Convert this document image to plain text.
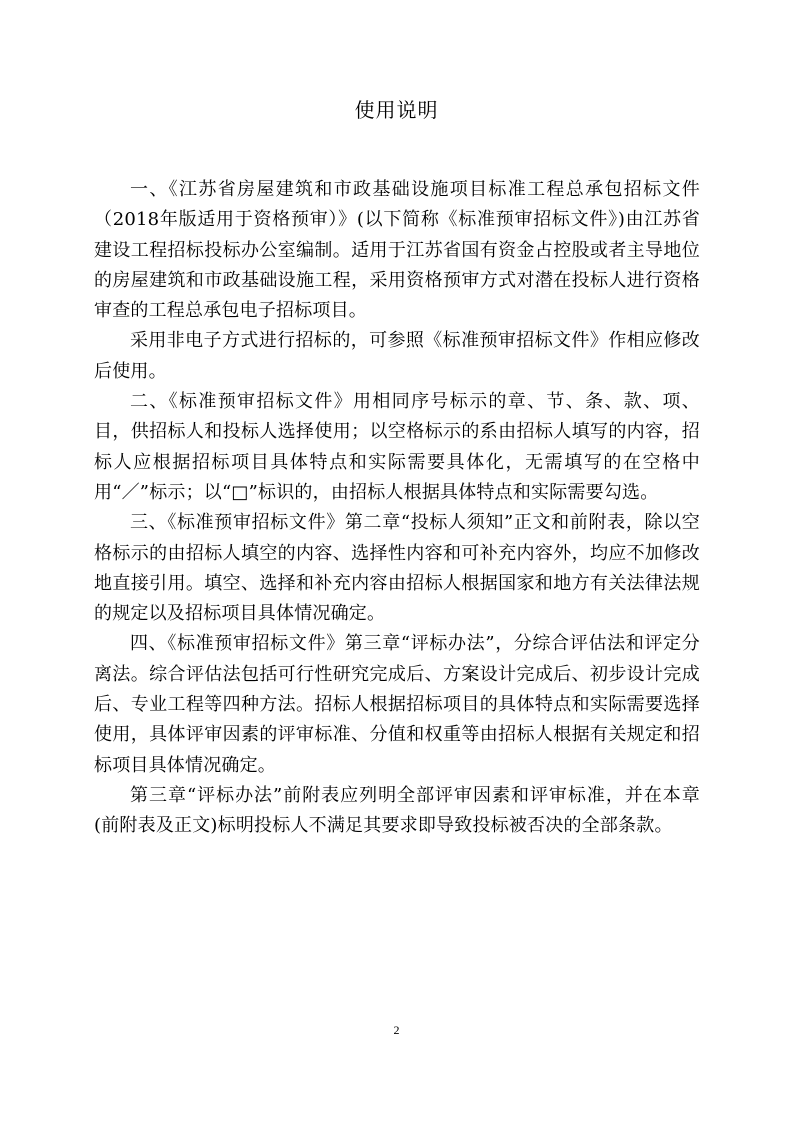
使用说明

一、《江苏省房屋建筑和市政基础设施项目标准工程总承包招标文件（2018年版适用于资格预审）》(以下简称《标准预审招标文件》)由江苏省建设工程招标投标办公室编制。适用于江苏省国有资金占控股或者主导地位的房屋建筑和市政基础设施工程，采用资格预审方式对潜在投标人进行资格审查的工程总承包电子招标项目。

采用非电子方式进行招标的，可参照《标准预审招标文件》作相应修改后使用。

二、《标准预审招标文件》用相同序号标示的章、节、条、款、项、目，供招标人和投标人选择使用；以空格标示的系由招标人填写的内容，招标人应根据招标项目具体特点和实际需要具体化，无需填写的在空格中用“／”标示；以“□”标识的，由招标人根据具体特点和实际需要勾选。

三、《标准预审招标文件》第二章“投标人须知”正文和前附表，除以空格标示的由招标人填空的内容、选择性内容和可补充内容外，均应不加修改地直接引用。填空、选择和补充内容由招标人根据国家和地方有关法律法规的规定以及招标项目具体情况确定。

四、《标准预审招标文件》第三章“评标办法”，分综合评估法和评定分离法。综合评估法包括可行性研究完成后、方案设计完成后、初步设计完成后、专业工程等四种方法。招标人根据招标项目的具体特点和实际需要选择使用，具体评审因素的评审标准、分值和权重等由招标人根据有关规定和招标项目具体情况确定。

第三章“评标办法”前附表应列明全部评审因素和评审标准，并在本章(前附表及正文)标明投标人不满足其要求即导致投标被否决的全部条款。

2
